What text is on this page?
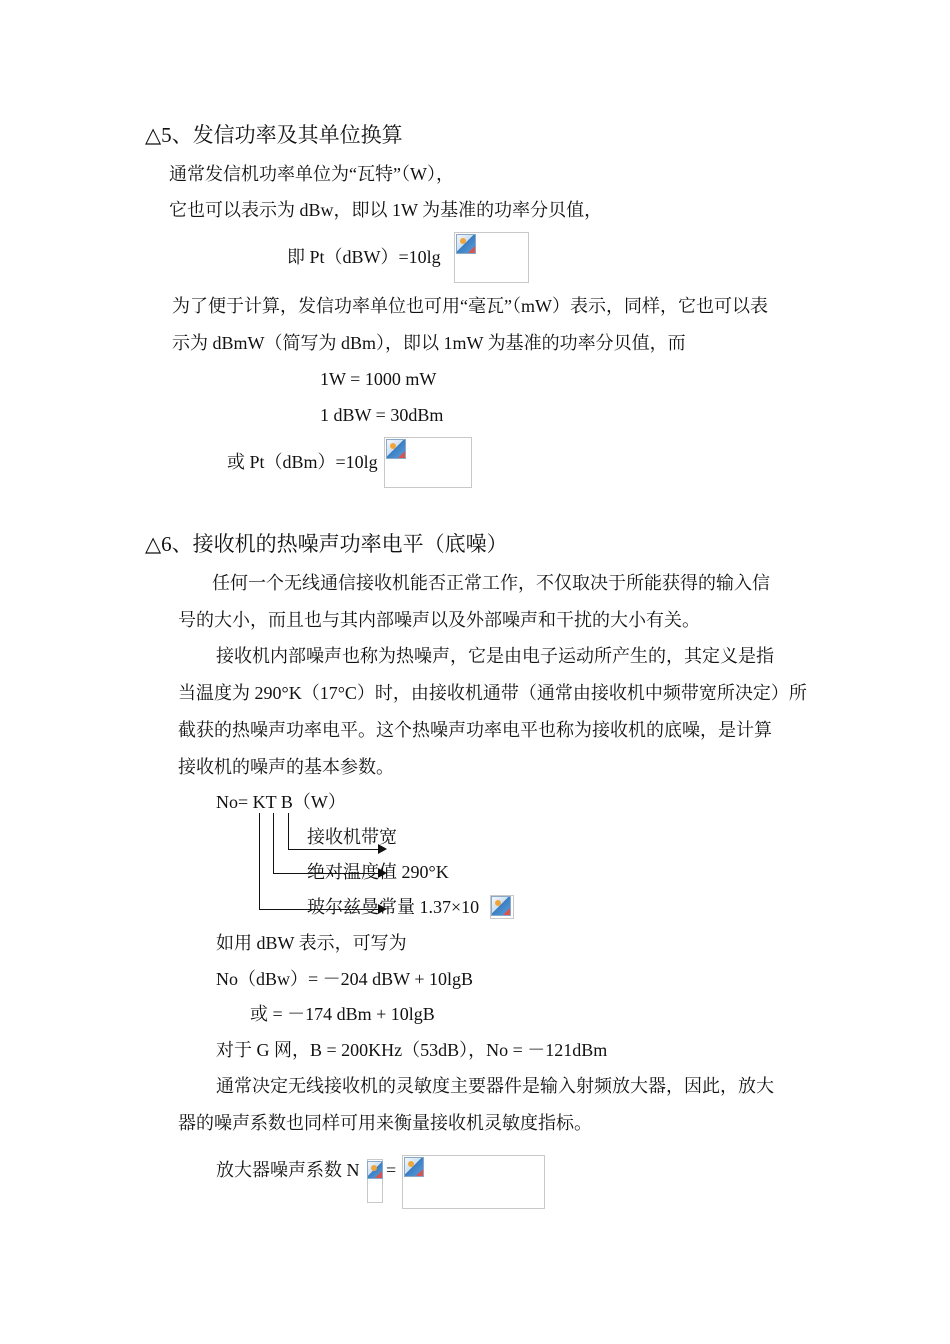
△5、发信功率及其单位换算
通常发信机功率单位为“瓦特”（W），
它也可以表示为 dBw，即以 1W 为基准的功率分贝值，
即 Pt（dBW）=10lg
为了便于计算，发信功率单位也可用“毫瓦”（mW）表示，同样，它也可以表
示为 dBmW（简写为 dBm），即以 1mW 为基准的功率分贝值，而
1W = 1000 mW
1 dBW = 30dBm
或 Pt（dBm）=10lg
△6、接收机的热噪声功率电平（底噪）
任何一个无线通信接收机能否正常工作，不仅取决于所能获得的输入信
号的大小，而且也与其内部噪声以及外部噪声和干扰的大小有关。
接收机内部噪声也称为热噪声，它是由电子运动所产生的，其定义是指
当温度为 290°K（17°C）时，由接收机通带（通常由接收机中频带宽所决定）所
截获的热噪声功率电平。这个热噪声功率电平也称为接收机的底噪，是计算
接收机的噪声的基本参数。
No= KT B（W）
接收机带宽
绝对温度值 290°K
玻尔兹曼常量 1.37×10
如用 dBW 表示，可写为
No（dBw）= －204 dBW + 10lgB
或 = －174 dBm + 10lgB
对于 G 网，B = 200KHz（53dB），No = －121dBm
通常决定无线接收机的灵敏度主要器件是输入射频放大器，因此，放大
器的噪声系数也同样可用来衡量接收机灵敏度指标。
放大器噪声系数 N =
